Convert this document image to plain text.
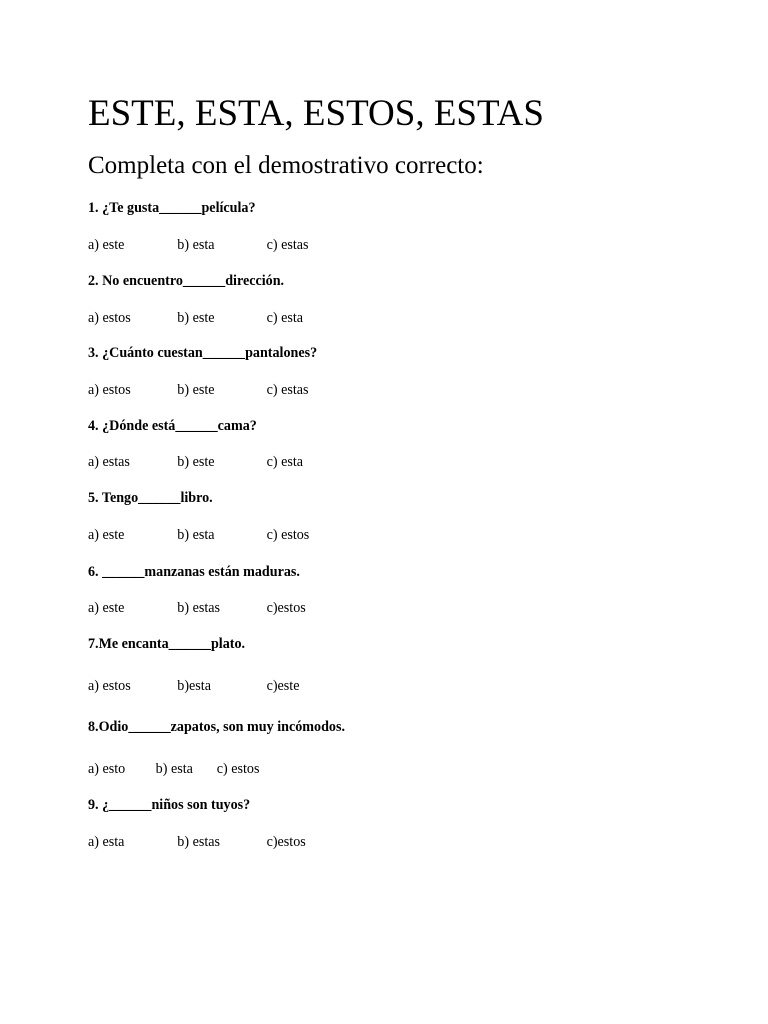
ESTE, ESTA, ESTOS, ESTAS
Completa con el demostrativo correcto:
1. ¿Te gusta______película?
a) este	b) esta	c) estas
2. No encuentro______dirección.
a) estos	b) este	c) esta
3. ¿Cuánto cuestan______pantalones?
a) estos	b) este	c) estas
4. ¿Dónde está______cama?
a) estas	b) este	c) esta
5. Tengo______libro.
a) este	b) esta	c) estos
6. ______manzanas están maduras.
a) este	b) estas	c)estos
7.Me encanta______plato.
a) estos	b)esta	c)este
8.Odio______zapatos, son muy incómodos.
a) esto b) esta c) estos
9. ¿______niños son tuyos?
a) esta	b) estas	c)estos
